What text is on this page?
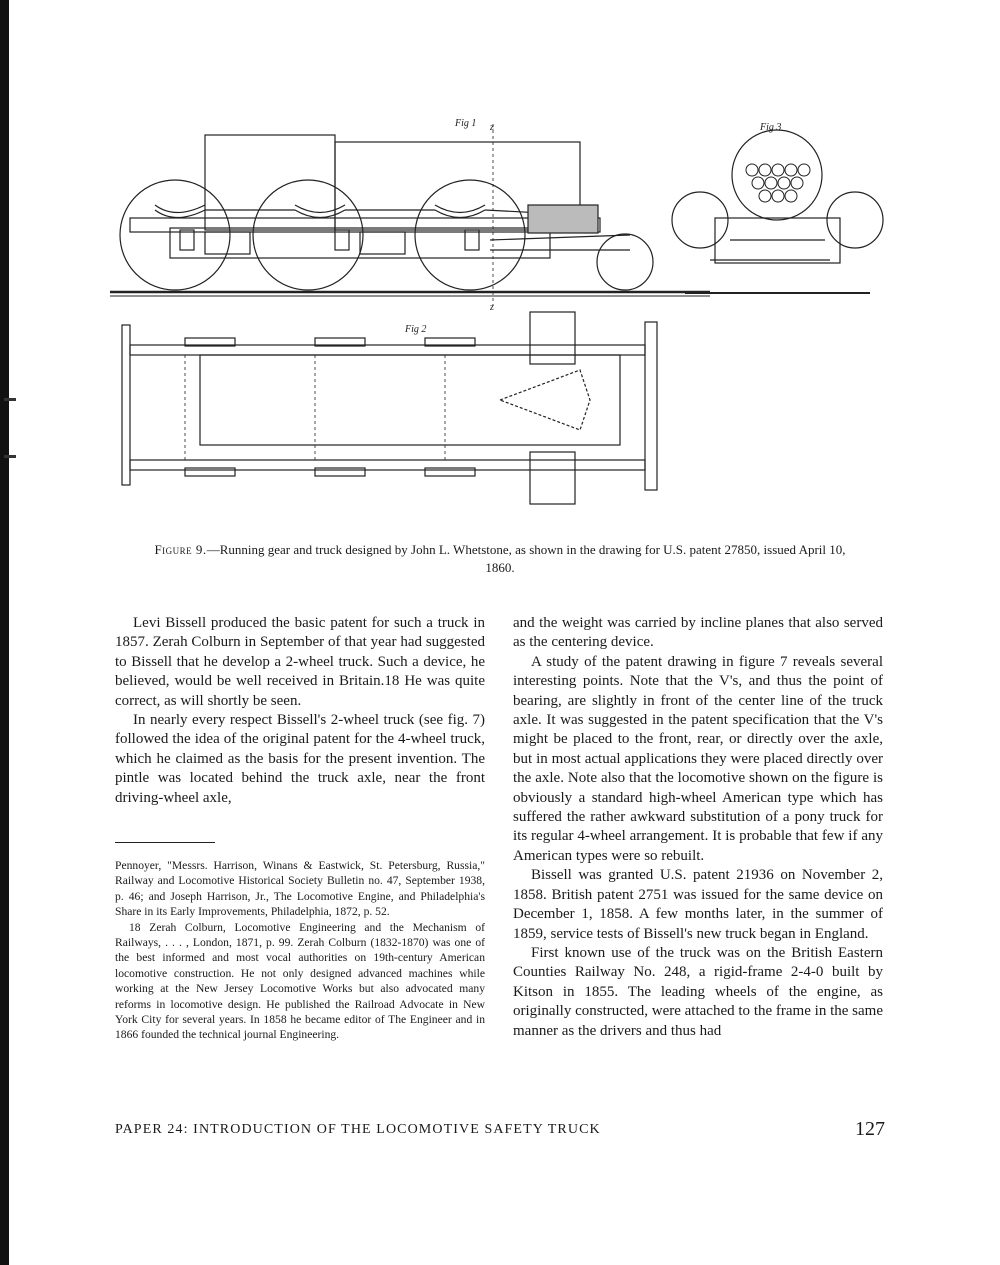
Fig 1 z
z
Fig 3
Fig 2
Figure 9.—Running gear and truck designed by John L. Whetstone, as shown in the drawing for U.S. patent 27850, issued April 10, 1860.

Levi Bissell produced the basic patent for such a truck in 1857. Zerah Colburn in September of that year had suggested to Bissell that he develop a 2-wheel truck. Such a device, he believed, would be well received in Britain.18 He was quite correct, as will shortly be seen.

In nearly every respect Bissell's 2-wheel truck (see fig. 7) followed the idea of the original patent for the 4-wheel truck, which he claimed as the basis for the present invention. The pintle was located behind the truck axle, near the front driving-wheel axle,

Pennoyer, "Messrs. Harrison, Winans & Eastwick, St. Petersburg, Russia," Railway and Locomotive Historical Society Bulletin no. 47, September 1938, p. 46; and Joseph Harrison, Jr., The Locomotive Engine, and Philadelphia's Share in its Early Improvements, Philadelphia, 1872, p. 52.

18 Zerah Colburn, Locomotive Engineering and the Mechanism of Railways, . . . , London, 1871, p. 99. Zerah Colburn (1832-1870) was one of the best informed and most vocal authorities on 19th-century American locomotive construction. He not only designed advanced machines while working at the New Jersey Locomotive Works but also advocated many reforms in locomotive design. He published the Railroad Advocate in New York City for several years. In 1858 he became editor of The Engineer and in 1866 founded the technical journal Engineering.

and the weight was carried by incline planes that also served as the centering device.

A study of the patent drawing in figure 7 reveals several interesting points. Note that the V's, and thus the point of bearing, are slightly in front of the center line of the truck axle. It was suggested in the patent specification that the V's might be placed to the front, rear, or directly over the axle, but in most actual applications they were placed directly over the axle. Note also that the locomotive shown on the figure is obviously a standard high-wheel American type which has suffered the rather awkward substitution of a pony truck for its regular 4-wheel arrangement. It is probable that few if any American types were so rebuilt.

Bissell was granted U.S. patent 21936 on November 2, 1858. British patent 2751 was issued for the same device on December 1, 1858. A few months later, in the summer of 1859, service tests of Bissell's new truck began in England.

First known use of the truck was on the British Eastern Counties Railway No. 248, a rigid-frame 2-4-0 built by Kitson in 1855. The leading wheels of the engine, as originally constructed, were attached to the frame in the same manner as the drivers and thus had

PAPER 24: INTRODUCTION OF THE LOCOMOTIVE SAFETY TRUCK	127
